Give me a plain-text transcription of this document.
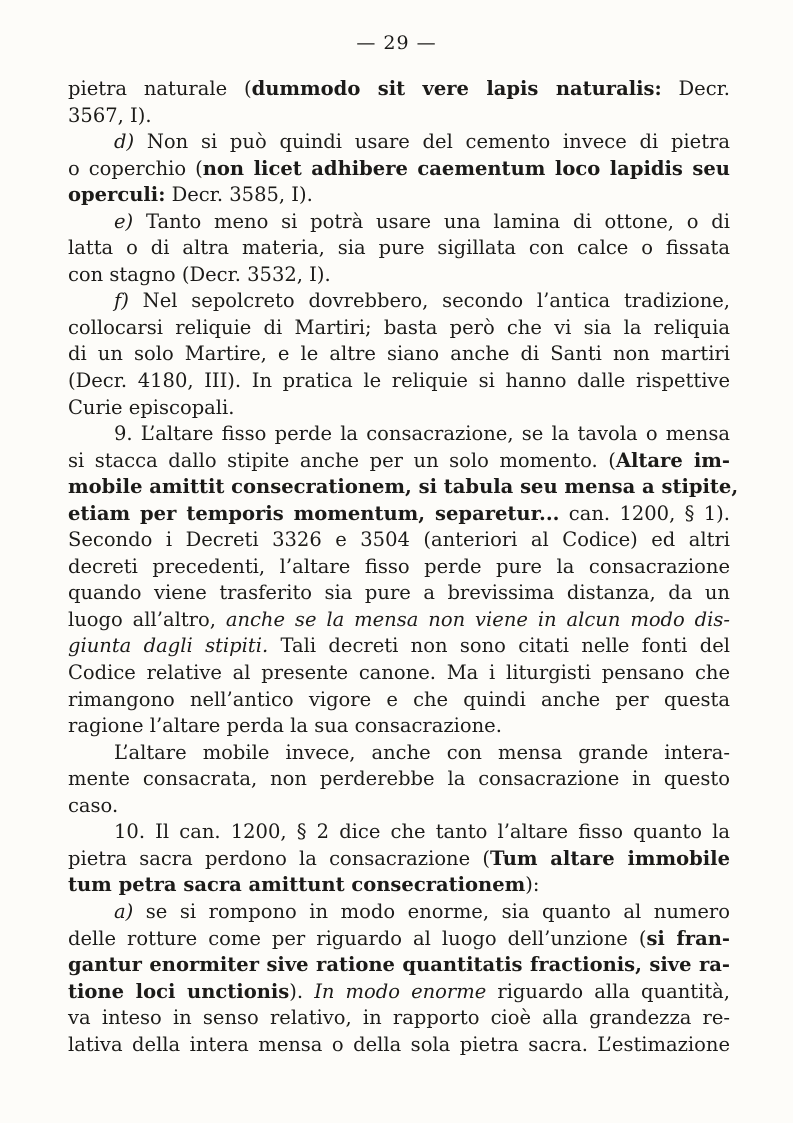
— 29 —
pietra naturale (dummodo sit vere lapis naturalis: Decr.
3567, I).
d) Non si può quindi usare del cemento invece di pietra
o coperchio (non licet adhibere caementum loco lapidis seu
operculi: Decr. 3585, I).
e) Tanto meno si potrà usare una lamina di ottone, o di
latta o di altra materia, sia pure sigillata con calce o fissata
con stagno (Decr. 3532, I).
f) Nel sepolcreto dovrebbero, secondo l’antica tradizione,
collocarsi reliquie di Martiri; basta però che vi sia la reliquia
di un solo Martire, e le altre siano anche di Santi non martiri
(Decr. 4180, III). In pratica le reliquie si hanno dalle rispettive
Curie episcopali.
9. L’altare fisso perde la consacrazione, se la tavola o mensa
si stacca dallo stipite anche per un solo momento. (Altare im-
mobile amittit consecrationem, si tabula seu mensa a stipite,
etiam per temporis momentum, separetur... can. 1200, § 1).
Secondo i Decreti 3326 e 3504 (anteriori al Codice) ed altri
decreti precedenti, l’altare fisso perde pure la consacrazione
quando viene trasferito sia pure a brevissima distanza, da un
luogo all’altro, anche se la mensa non viene in alcun modo dis-
giunta dagli stipiti. Tali decreti non sono citati nelle fonti del
Codice relative al presente canone. Ma i liturgisti pensano che
rimangono nell’antico vigore e che quindi anche per questa
ragione l’altare perda la sua consacrazione.
L’altare mobile invece, anche con mensa grande intera-
mente consacrata, non perderebbe la consacrazione in questo
caso.
10. Il can. 1200, § 2 dice che tanto l’altare fisso quanto la
pietra sacra perdono la consacrazione (Tum altare immobile
tum petra sacra amittunt consecrationem):
a) se si rompono in modo enorme, sia quanto al numero
delle rotture come per riguardo al luogo dell’unzione (si fran-
gantur enormiter sive ratione quantitatis fractionis, sive ra-
tione loci unctionis). In modo enorme riguardo alla quantità,
va inteso in senso relativo, in rapporto cioè alla grandezza re-
lativa della intera mensa o della sola pietra sacra. L’estimazione
